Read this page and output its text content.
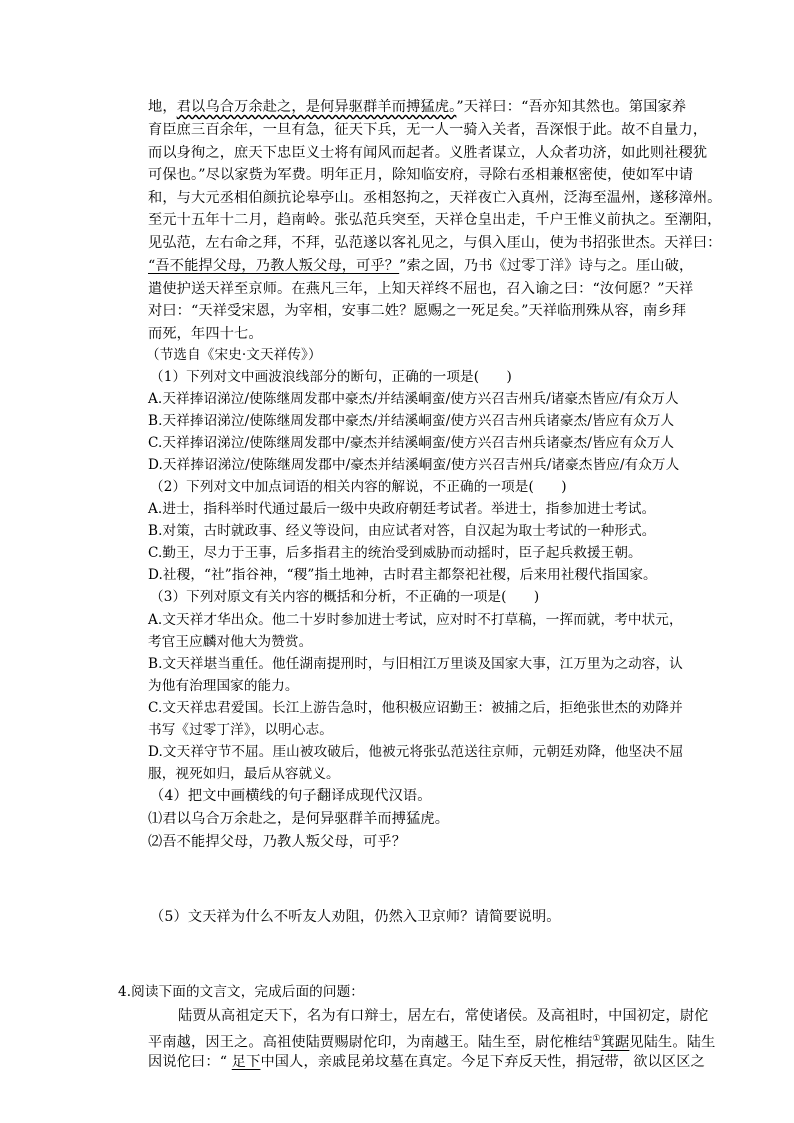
地，君以乌合万余赴之，是何异驱群羊而搏猛虎。”天祥曰：“吾亦知其然也。第国家养
育臣庶三百余年，一旦有急，征天下兵，无一人一骑入关者，吾深恨于此。故不自量力，
而以身徇之，庶天下忠臣义士将有闻风而起者。义胜者谋立，人众者功济，如此则社稷犹
可保也。”尽以家赀为军费。明年正月，除知临安府，寻除右丞相兼枢密使，使如军中请
和，与大元丞相伯颜抗论皋亭山。丞相怒拘之，天祥夜亡入真州，泛海至温州，遂移漳州。
至元十五年十二月，趋南岭。张弘范兵突至，天祥仓皇出走，千户王惟义前执之。至潮阳，
见弘范，左右命之拜，不拜，弘范遂以客礼见之，与俱入厓山，使为书招张世杰。天祥曰：
“吾不能捍父母，乃教人叛父母，可乎？”索之固，乃书《过零丁洋》诗与之。厓山破，
遣使护送天祥至京师。在燕凡三年，上知天祥终不屈也，召入谕之曰：“汝何愿？”天祥
对曰：“天祥受宋恩，为宰相，安事二姓？愿赐之一死足矣。”天祥临刑殊从容，南乡拜
而死，年四十七。
（节选自《宋史·文天祥传》）
（1）下列对文中画波浪线部分的断句，正确的一项是(　　)
A.天祥捧诏涕泣/使陈继周发郡中豪杰/并结溪峒蛮/使方兴召吉州兵/诸豪杰皆应/有众万人
B.天祥捧诏涕泣/使陈继周发郡中豪杰/并结溪峒蛮/使方兴召吉州兵诸豪杰/皆应有众万人
C.天祥捧诏涕泣/使陈继周发郡中/豪杰并结溪峒蛮/使方兴召吉州兵诸豪杰/皆应有众万人
D.天祥捧诏涕泣/使陈继周发郡中/豪杰并结溪峒蛮/使方兴召吉州兵/诸豪杰皆应/有众万人
（2）下列对文中加点词语的相关内容的解说，不正确的一项是(　　)
A.进士，指科举时代通过最后一级中央政府朝廷考试者。举进士，指参加进士考试。
B.对策，古时就政事、经义等设问，由应试者对答，自汉起为取士考试的一种形式。
C.勤王，尽力于王事，后多指君主的统治受到威胁而动摇时，臣子起兵救援王朝。
D.社稷，“社”指谷神，“稷”指土地神，古时君主都祭祀社稷，后来用社稷代指国家。
（3）下列对原文有关内容的概括和分析，不正确的一项是(　　)
A.文天祥才华出众。他二十岁时参加进士考试，应对时不打草稿，一挥而就，考中状元，
考官王应麟对他大为赞赏。
B.文天祥堪当重任。他任湖南提刑时，与旧相江万里谈及国家大事，江万里为之动容，认
为他有治理国家的能力。
C.文天祥忠君爱国。长江上游告急时，他积极应诏勤王：被捕之后，拒绝张世杰的劝降并
书写《过零丁洋》，以明心志。
D.文天祥守节不屈。厓山被攻破后，他被元将张弘范送往京师，元朝廷劝降，他坚决不屈
服，视死如归，最后从容就义。
（4）把文中画横线的句子翻译成现代汉语。
⑴君以乌合万余赴之，是何异驱群羊而搏猛虎。
⑵吾不能捍父母，乃教人叛父母，可乎？
（5）文天祥为什么不听友人劝阻，仍然入卫京师？请简要说明。
4.阅读下面的文言文，完成后面的问题：
陆贾从高祖定天下，名为有口辩士，居左右，常使诸侯。及高祖时，中国初定，尉佗
平南越，因王之。高祖使陆贾赐尉佗印，为南越王。陆生至，尉佗椎结①箕踞见陆生。陆生
因说佗曰：“ 足下中国人，亲戚昆弟坟墓在真定。今足下弃反天性，捐冠带，欲以区区之
